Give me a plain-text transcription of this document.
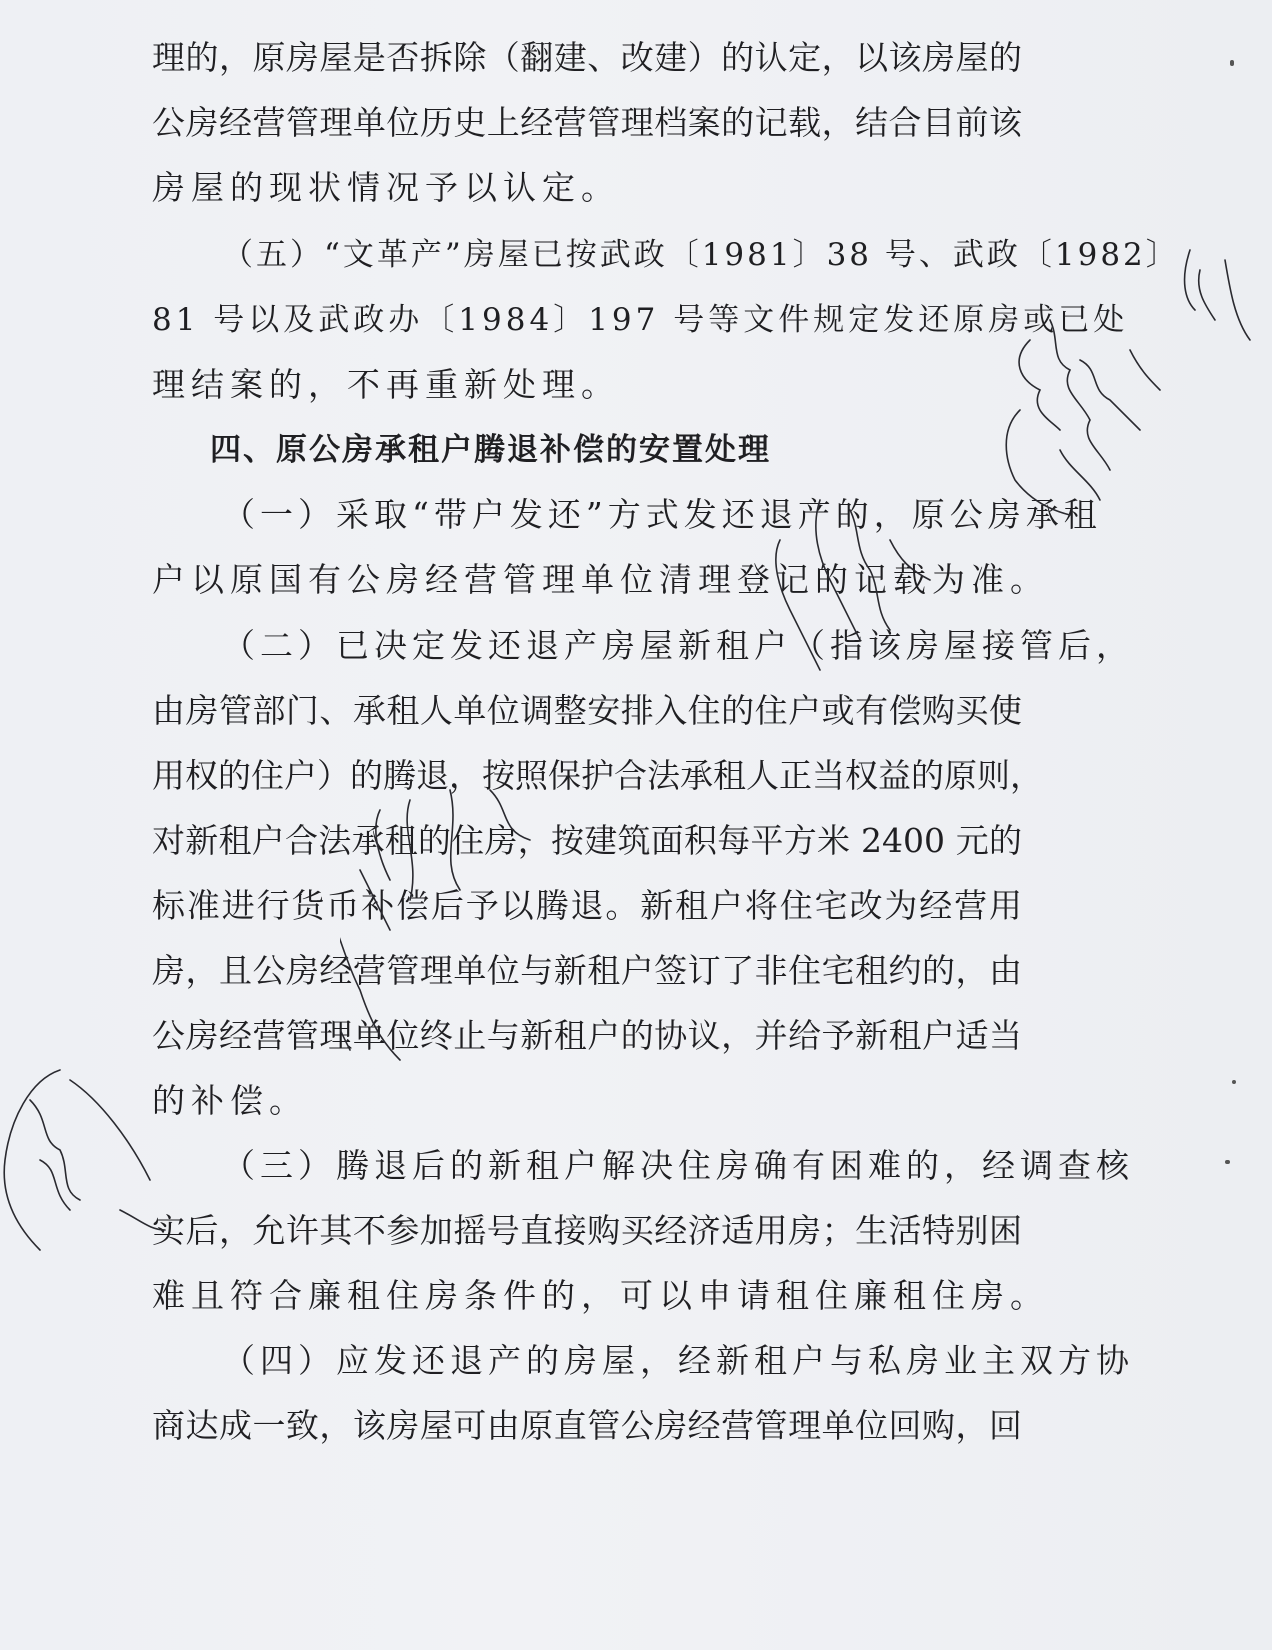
理的，原房屋是否拆除（翻建、改建）的认定，以该房屋的
公房经营管理单位历史上经营管理档案的记载，结合目前该
房屋的现状情况予以认定。
（五）“文革产”房屋已按武政〔1981〕38 号、武政〔1982〕
81 号以及武政办〔1984〕197 号等文件规定发还原房或已处
理结案的，不再重新处理。
四、原公房承租户腾退补偿的安置处理
（一）采取“带户发还”方式发还退产的，原公房承租
户以原国有公房经营管理单位清理登记的记载为准。
（二）已决定发还退产房屋新租户（指该房屋接管后，
由房管部门、承租人单位调整安排入住的住户或有偿购买使
用权的住户）的腾退，按照保护合法承租人正当权益的原则，
对新租户合法承租的住房，按建筑面积每平方米 2400 元的
标准进行货币补偿后予以腾退。新租户将住宅改为经营用
房，且公房经营管理单位与新租户签订了非住宅租约的，由
公房经营管理单位终止与新租户的协议，并给予新租户适当
的补偿。
（三）腾退后的新租户解决住房确有困难的，经调查核
实后，允许其不参加摇号直接购买经济适用房；生活特别困
难且符合廉租住房条件的，可以申请租住廉租住房。
（四）应发还退产的房屋，经新租户与私房业主双方协
商达成一致，该房屋可由原直管公房经营管理单位回购，回
